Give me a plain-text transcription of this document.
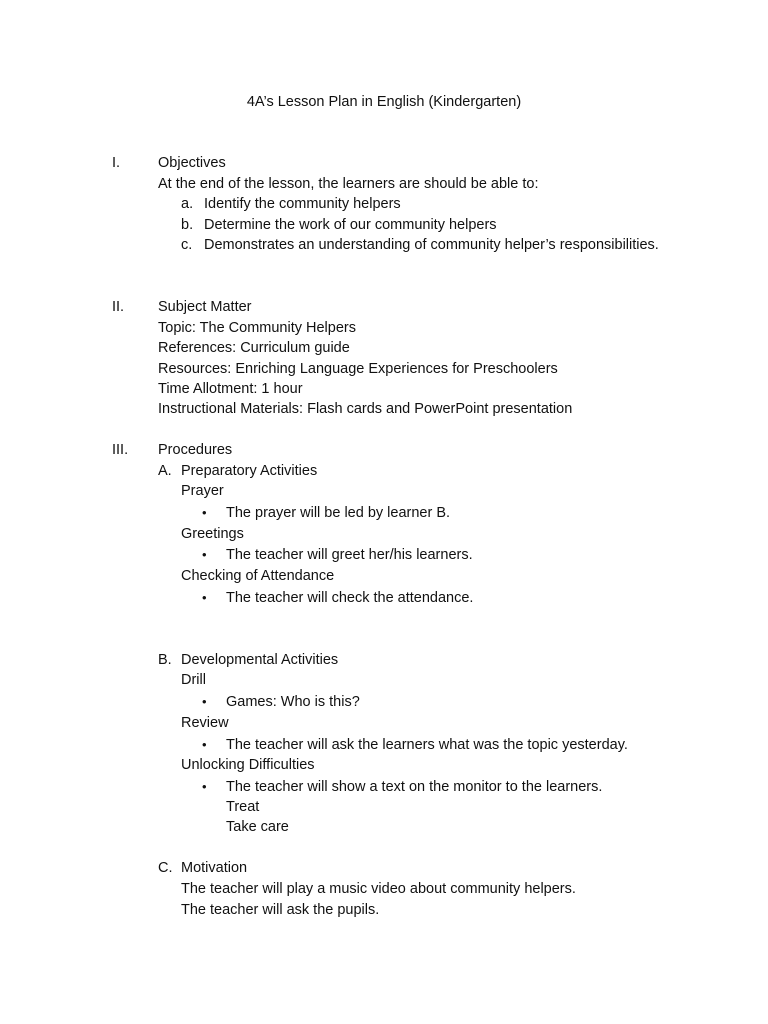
4A’s Lesson Plan in English (Kindergarten)
I.	Objectives
At the end of the lesson, the learners are should be able to:
a. Identify the community helpers
b. Determine the work of our community helpers
c. Demonstrates an understanding of community helper’s responsibilities.
II. Subject Matter
Topic: The Community Helpers
References: Curriculum guide
Resources: Enriching Language Experiences for Preschoolers
Time Allotment: 1 hour
Instructional Materials: Flash cards and PowerPoint presentation
III. Procedures
A. Preparatory Activities
Prayer
• The prayer will be led by learner B.
Greetings
• The teacher will greet her/his learners.
Checking of Attendance
• The teacher will check the attendance.
B. Developmental Activities
Drill
• Games: Who is this?
Review
• The teacher will ask the learners what was the topic yesterday.
Unlocking Difficulties
• The teacher will show a text on the monitor to the learners.
Treat
Take care
C. Motivation
The teacher will play a music video about community helpers.
The teacher will ask the pupils.
